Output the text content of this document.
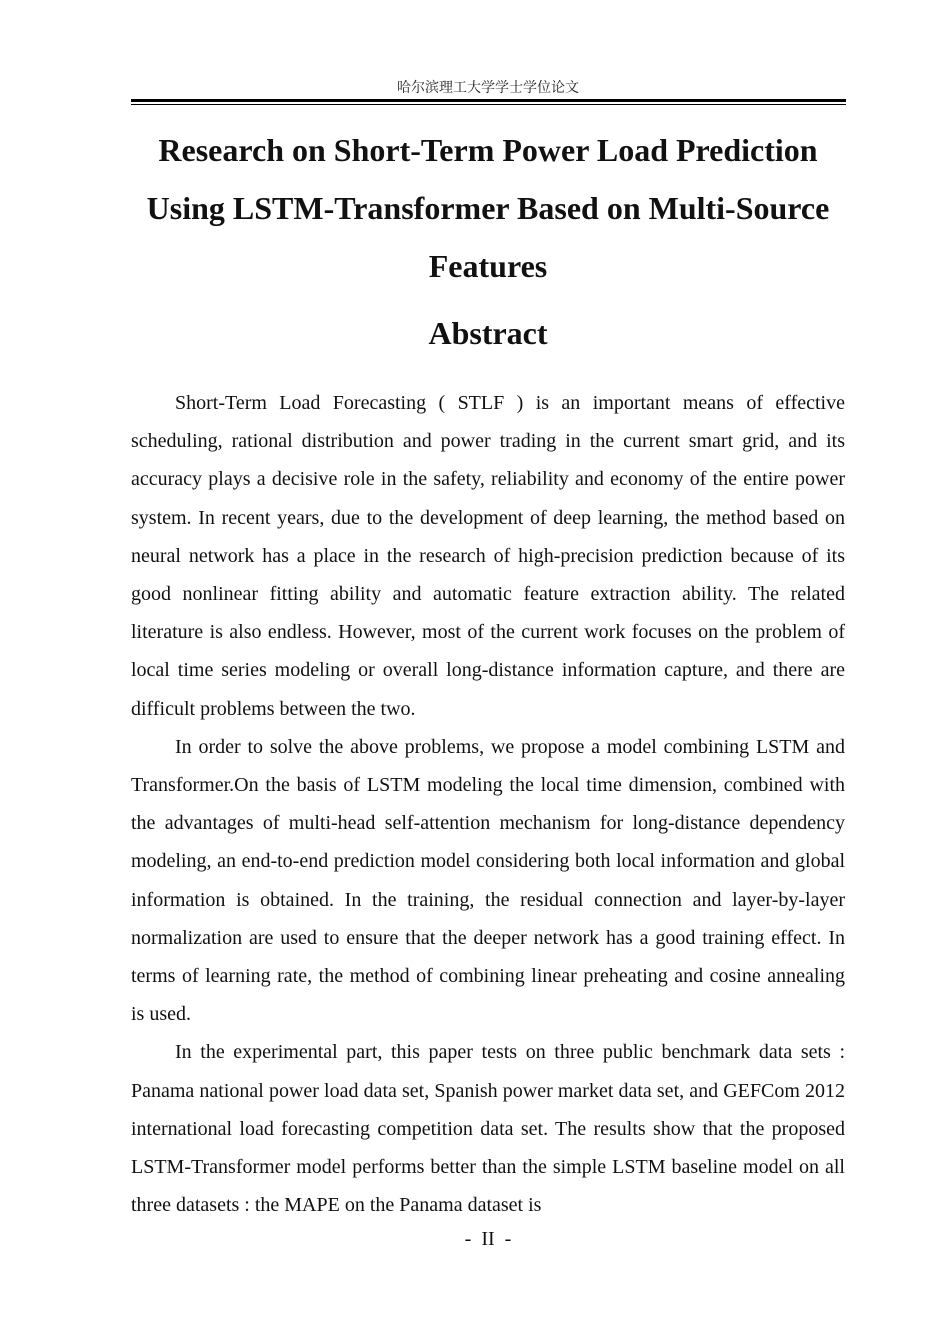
哈尔滨理工大学学士学位论文
Research on Short-Term Power Load Prediction Using LSTM-Transformer Based on Multi-Source Features
Abstract

Short-Term Load Forecasting ( STLF ) is an important means of effective scheduling, rational distribution and power trading in the current smart grid, and its accuracy plays a decisive role in the safety, reliability and economy of the entire power system. In recent years, due to the development of deep learning, the method based on neural network has a place in the research of high-precision prediction because of its good nonlinear fitting ability and automatic feature extraction ability. The related literature is also endless. However, most of the current work focuses on the problem of local time series modeling or overall long-distance information capture, and there are difficult problems between the two.

In order to solve the above problems, we propose a model combining LSTM and Transformer.On the basis of LSTM modeling the local time dimension, combined with the advantages of multi-head self-attention mechanism for long-distance dependency modeling, an end-to-end prediction model considering both local information and global information is obtained. In the training, the residual connection and layer-by-layer normalization are used to ensure that the deeper network has a good training effect. In terms of learning rate, the method of combining linear preheating and cosine annealing is used.

In the experimental part, this paper tests on three public benchmark data sets : Panama national power load data set, Spanish power market data set, and GEFCom 2012 international load forecasting competition data set. The results show that the proposed LSTM-Transformer model performs better than the simple LSTM baseline model on all three datasets : the MAPE on the Panama dataset is

-  II  -
